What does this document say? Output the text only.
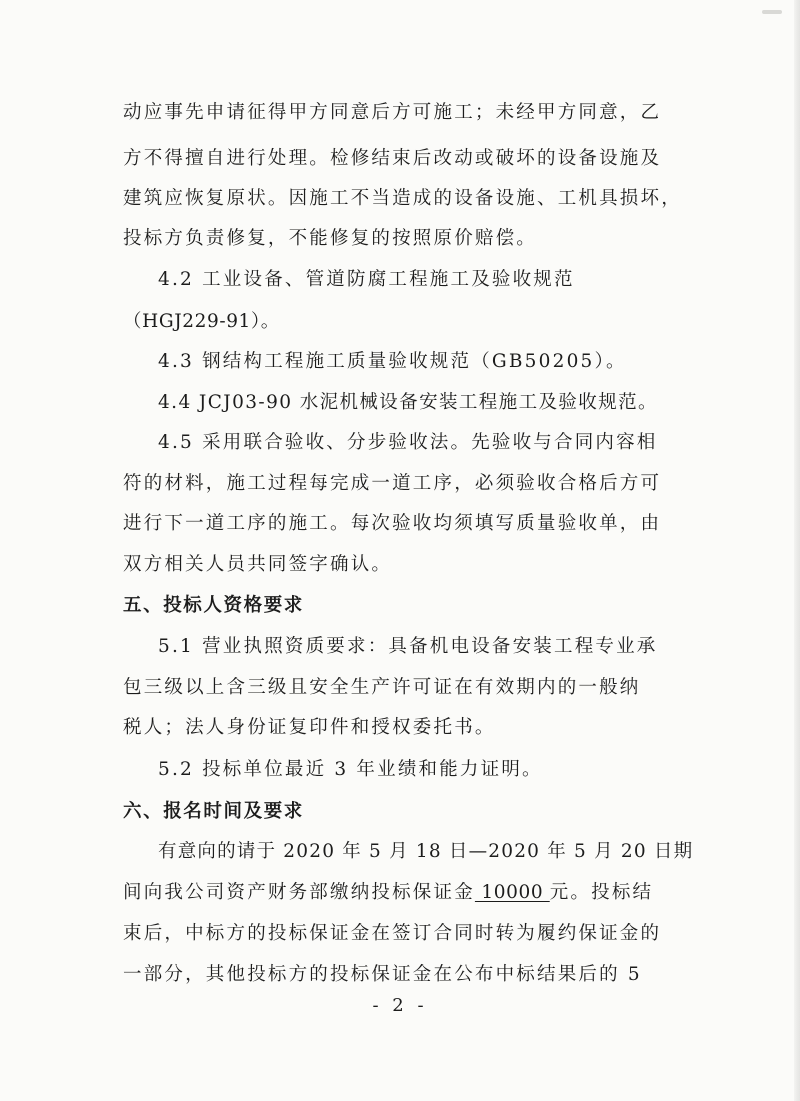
动应事先申请征得甲方同意后方可施工；未经甲方同意，乙
方不得擅自进行处理。检修结束后改动或破坏的设备设施及
建筑应恢复原状。因施工不当造成的设备设施、工机具损坏，
投标方负责修复，不能修复的按照原价赔偿。
4.2 工业设备、管道防腐工程施工及验收规范
（HGJ229-91）。
4.3 钢结构工程施工质量验收规范（GB50205）。
4.4 JCJ03-90 水泥机械设备安装工程施工及验收规范。
4.5 采用联合验收、分步验收法。先验收与合同内容相
符的材料，施工过程每完成一道工序，必须验收合格后方可
进行下一道工序的施工。每次验收均须填写质量验收单，由
双方相关人员共同签字确认。
五、投标人资格要求
5.1 营业执照资质要求：具备机电设备安装工程专业承
包三级以上含三级且安全生产许可证在有效期内的一般纳
税人；法人身份证复印件和授权委托书。
5.2 投标单位最近 3 年业绩和能力证明。
六、报名时间及要求
有意向的请于 2020 年 5 月 18 日—2020 年 5 月 20 日期
间向我公司资产财务部缴纳投标保证金 10000 元。投标结
束后，中标方的投标保证金在签订合同时转为履约保证金的
一部分，其他投标方的投标保证金在公布中标结果后的 5
- 2 -
